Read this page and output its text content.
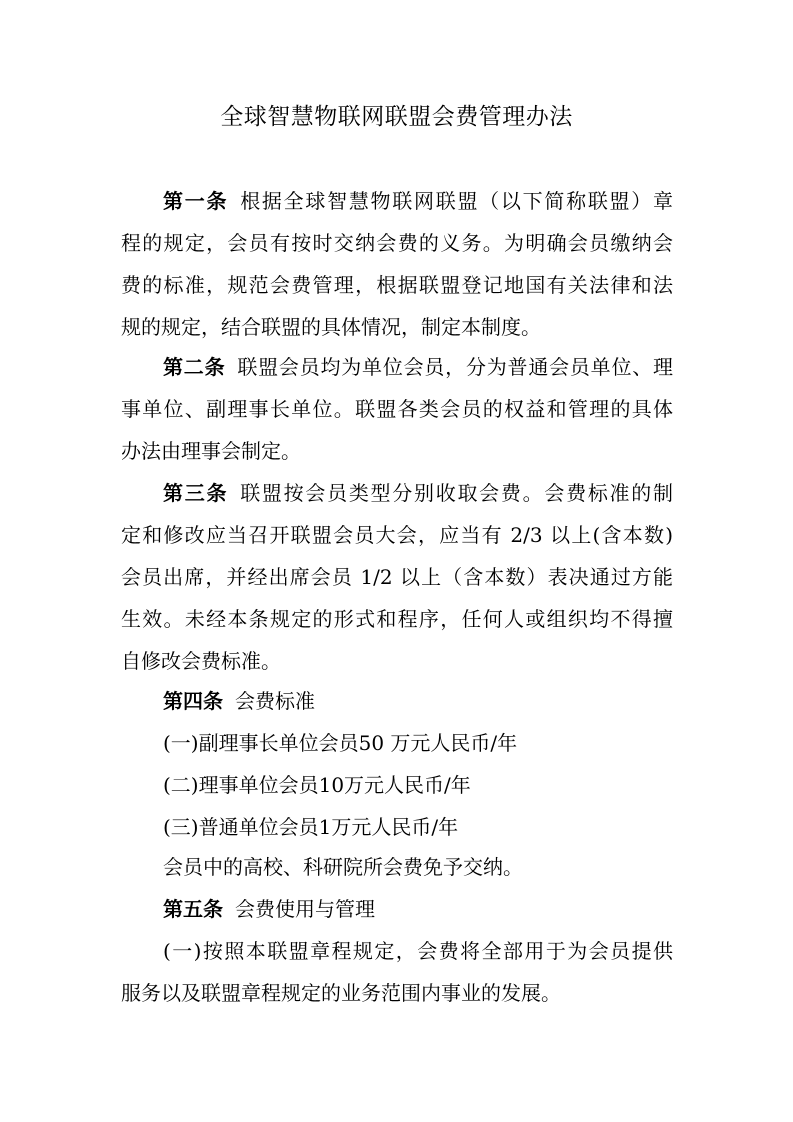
全球智慧物联网联盟会费管理办法
第一条 根据全球智慧物联网联盟（以下简称联盟）章
程的规定，会员有按时交纳会费的义务。为明确会员缴纳会
费的标准，规范会费管理，根据联盟登记地国有关法律和法
规的规定，结合联盟的具体情况，制定本制度。
第二条 联盟会员均为单位会员，分为普通会员单位、理
事单位、副理事长单位。联盟各类会员的权益和管理的具体
办法由理事会制定。
第三条 联盟按会员类型分别收取会费。会费标准的制
定和修改应当召开联盟会员大会，应当有 2/3 以上(含本数)
会员出席，并经出席会员 1/2 以上（含本数）表决通过方能
生效。未经本条规定的形式和程序，任何人或组织均不得擅
自修改会费标准。
第四条 会费标准
(一)副理事长单位会员50 万元人民币/年
(二)理事单位会员10万元人民币/年
(三)普通单位会员1万元人民币/年
会员中的高校、科研院所会费免予交纳。
第五条 会费使用与管理
(一)按照本联盟章程规定，会费将全部用于为会员提供
服务以及联盟章程规定的业务范围内事业的发展。
